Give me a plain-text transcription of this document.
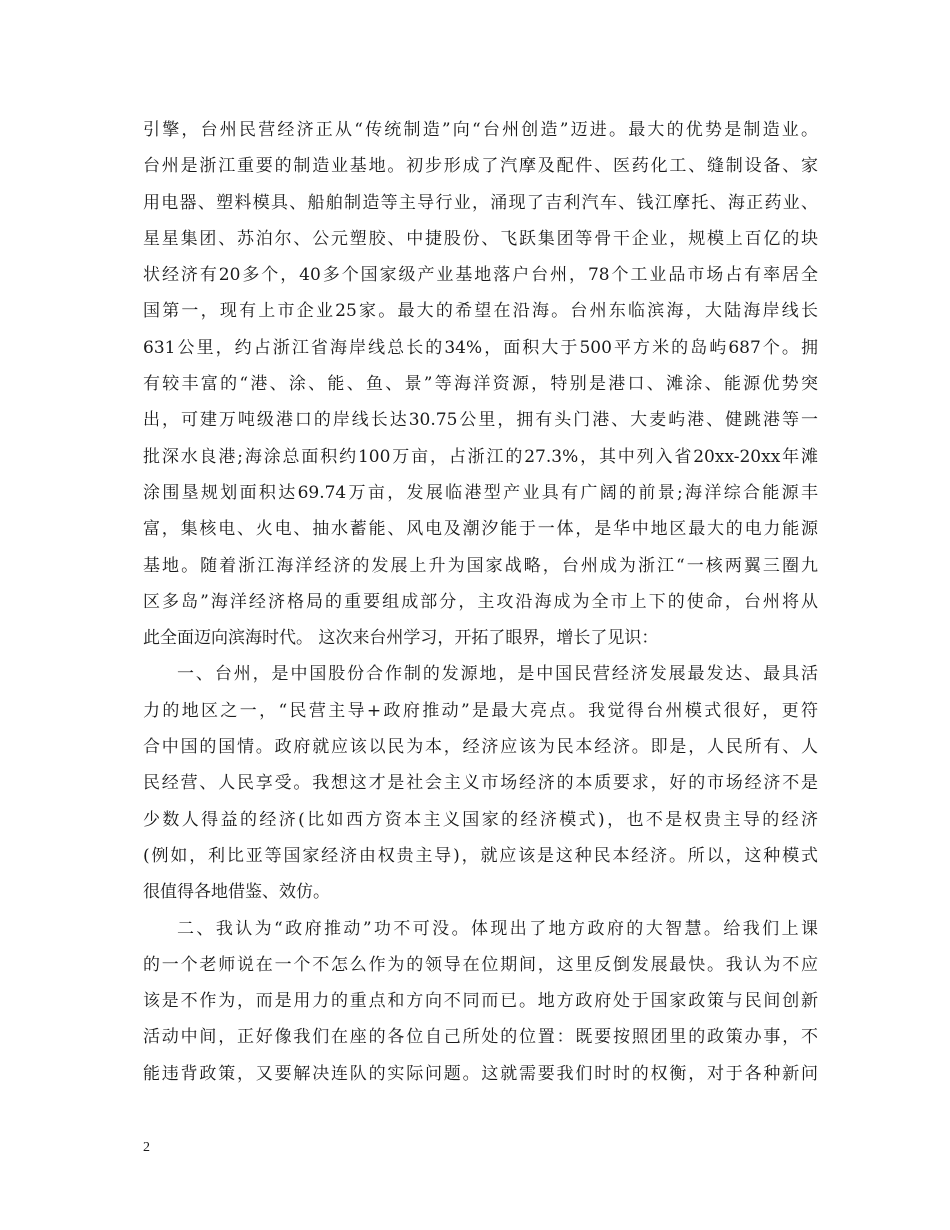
引擎，台州民营经济正从“传统制造”向“台州创造”迈进。最大的优势是制造业。
台州是浙江重要的制造业基地。初步形成了汽摩及配件、医药化工、缝制设备、家
用电器、塑料模具、船舶制造等主导行业，涌现了吉利汽车、钱江摩托、海正药业、
星星集团、苏泊尔、公元塑胶、中捷股份、飞跃集团等骨干企业，规模上百亿的块
状经济有20多个，40多个国家级产业基地落户台州，78个工业品市场占有率居全
国第一，现有上市企业25家。最大的希望在沿海。台州东临滨海，大陆海岸线长
631公里，约占浙江省海岸线总长的34%，面积大于500平方米的岛屿687个。拥
有较丰富的“港、涂、能、鱼、景”等海洋资源，特别是港口、滩涂、能源优势突
出，可建万吨级港口的岸线长达30.75公里，拥有头门港、大麦屿港、健跳港等一
批深水良港;海涂总面积约100万亩，占浙江的27.3%，其中列入省20xx-20xx年滩
涂围垦规划面积达69.74万亩，发展临港型产业具有广阔的前景;海洋综合能源丰
富，集核电、火电、抽水蓄能、风电及潮汐能于一体，是华中地区最大的电力能源
基地。随着浙江海洋经济的发展上升为国家战略，台州成为浙江“一核两翼三圈九
区多岛”海洋经济格局的重要组成部分，主攻沿海成为全市上下的使命，台州将从
此全面迈向滨海时代。 这次来台州学习，开拓了眼界，增长了见识：
一、台州，是中国股份合作制的发源地，是中国民营经济发展最发达、最具活
力的地区之一，“民营主导+政府推动”是最大亮点。我觉得台州模式很好，更符
合中国的国情。政府就应该以民为本，经济应该为民本经济。即是，人民所有、人
民经营、人民享受。我想这才是社会主义市场经济的本质要求，好的市场经济不是
少数人得益的经济(比如西方资本主义国家的经济模式)，也不是权贵主导的经济
(例如，利比亚等国家经济由权贵主导)，就应该是这种民本经济。所以，这种模式
很值得各地借鉴、效仿。
二、我认为“政府推动”功不可没。体现出了地方政府的大智慧。给我们上课
的一个老师说在一个不怎么作为的领导在位期间，这里反倒发展最快。我认为不应
该是不作为，而是用力的重点和方向不同而已。地方政府处于国家政策与民间创新
活动中间，正好像我们在座的各位自己所处的位置：既要按照团里的政策办事，不
能违背政策，又要解决连队的实际问题。这就需要我们时时的权衡，对于各种新问
2
